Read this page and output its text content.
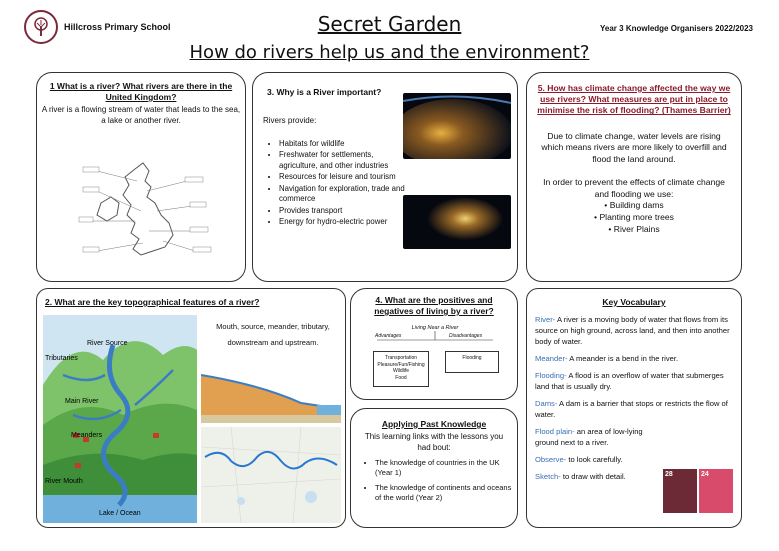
Hillcross Primary School	Secret Garden	Year 3 Knowledge Organisers 2022/2023
How do rivers help us and the environment?
1 What is a river? What rivers are there in the United Kingdom?

A river is a flowing stream of water that leads to the sea, a lake or another river.

3. Why is a River important?

Rivers provide:

• Habitats for wildlife
• Freshwater for settlements, agriculture, and other industries
• Resources for leisure and tourism
• Navigation for exploration, trade and commerce
• Provides transport
• Energy for hydro-electric power
5. How has climate change affected the way we use rivers? What measures are put in place to minimise the risk of flooding? (Thames Barrier)

Due to climate change, water levels are rising which means rivers are more likely to overfill and flood the land around.

In order to prevent the effects of climate change and flooding we use:

• Building dams
• Planting more trees
• River Plains
2. What are the key topographical features of a river?
River Source
Tributaries
Main River
Meanders
River Mouth
Lake / Ocean

Mouth, source, meander, tributary, downstream and upstream.

4. What are the positives and negatives of living by a river?
Living Near a River
Advantages	Disadvantages
Transportation
Pleasure/Fun/Fishing
Wildlife
Food
Flooding
Applying Past Knowledge

This learning links with the lessons you had bout:

• The knowledge of countries in the UK (Year 1)
• The knowledge of continents and oceans of the world (Year 2)
Key Vocabulary

River- A river is a moving body of water that flows from its source on high ground, across land, and then into another body of water.

Meander- A meander is a bend in the river.

Flooding- A flood is an overflow of water that submerges land that is usually dry.

Dams- A dam is a barrier that stops or restricts the flow of water.

Flood plain- an area of low-lying ground next to a river.

Observe- to look carefully.

Sketch- to draw with detail.	28	24
